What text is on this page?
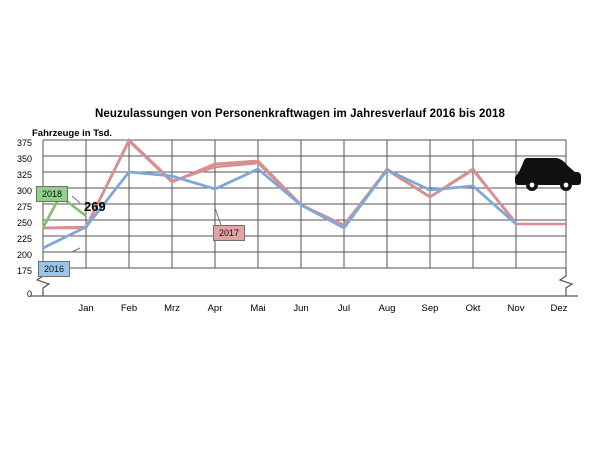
Neuzulassungen von Personenkraftwagen im Jahresverlauf 2016 bis 2018
Fahrzeuge in Tsd.
375
350
325
300
275
250
225
200
175
0
Jan	Feb	Mrz	Apr	Mai	Jun	Jul	Aug	Sep	Okt	Nov	Dez
2018
2016
2017
269
